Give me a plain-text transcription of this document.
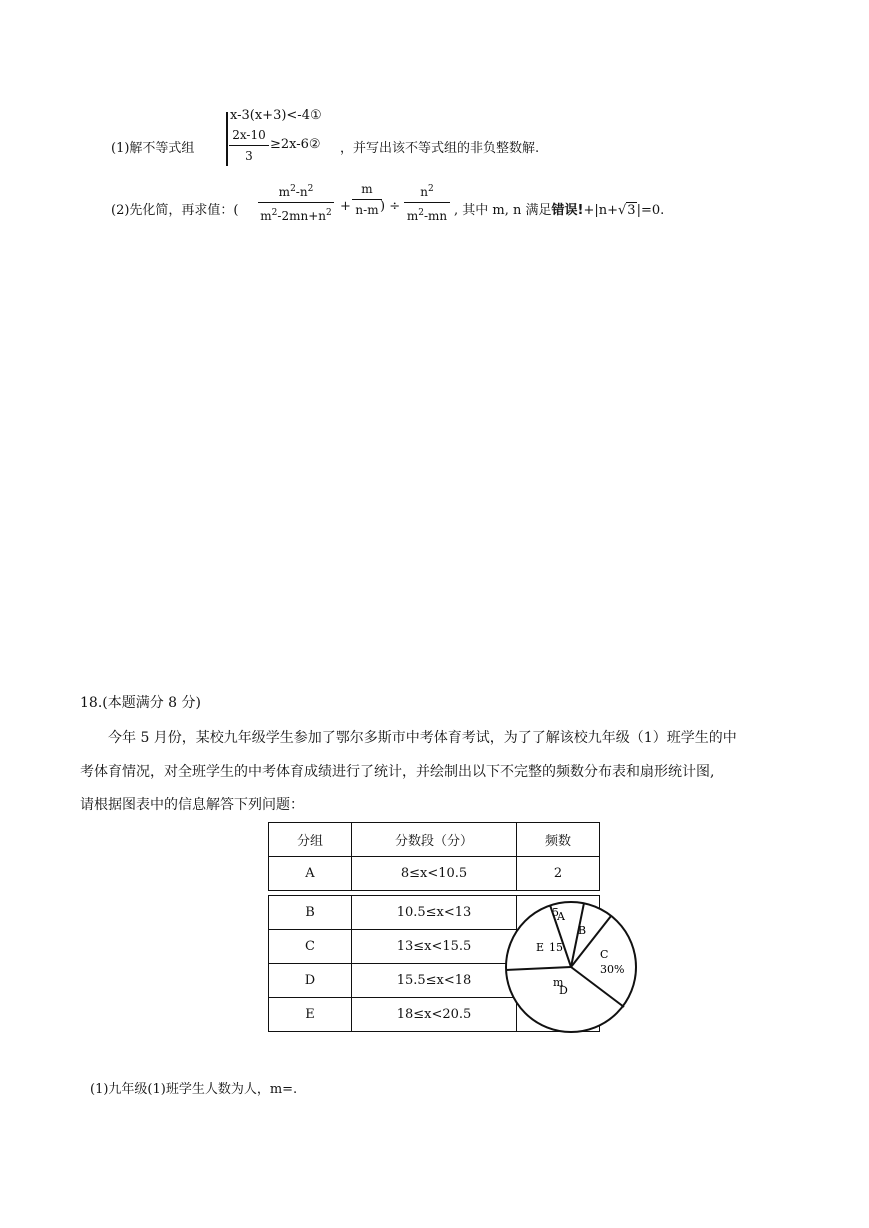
(1)解不等式组
x-3(x+3)<-4①
2x-10
3
≥2x-6② ，并写出该不等式组的非负整数解.
(2)先化简，再求值：(
$m^2-n^2$
$m^2-2mn+n^2$ +
m
n-m ) ÷
$n^2$
$m^2-mn$ , 其中 m, n 满足错误!+|n+√3|=0.
18.(本题满分 8 分)
今年 5 月份，某校九年级学生参加了鄂尔多斯市中考体育考试，为了了解该校九年级（1）班学生的中
考体育情况，对全班学生的中考体育成绩进行了统计，并绘制出以下不完整的频数分布表和扇形统计图,
请根据图表中的信息解答下列问题：
分组	分数段（分）	频数
A	8≤x<10.5	2
B	10.5≤x<13	
C	13≤x<15.5	
D	15.5≤x<18	
E	18≤x<20.5	
5
A
B
C
30%
E 15
m
D
(1)九年级(1)班学生人数为人，m=.
